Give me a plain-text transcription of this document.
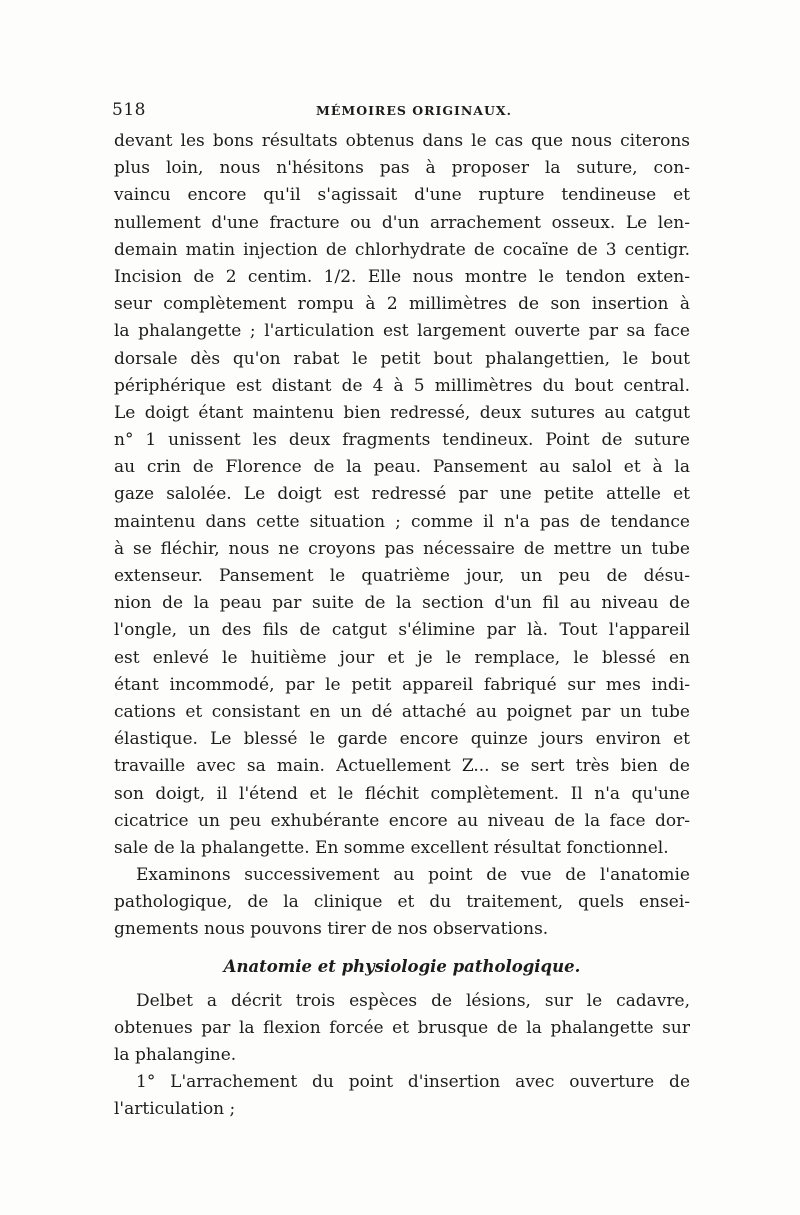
518	MÉMOIRES ORIGINAUX.
devant les bons résultats obtenus dans le cas que nous citerons
plus loin, nous n'hésitons pas à proposer la suture, con-
vaincu encore qu'il s'agissait d'une rupture tendineuse et
nullement d'une fracture ou d'un arrachement osseux. Le len-
demain matin injection de chlorhydrate de cocaïne de 3 centigr.
Incision de 2 centim. 1/2. Elle nous montre le tendon exten-
seur complètement rompu à 2 millimètres de son insertion à
la phalangette ; l'articulation est largement ouverte par sa face
dorsale dès qu'on rabat le petit bout phalangettien, le bout
périphérique est distant de 4 à 5 millimètres du bout central.
Le doigt étant maintenu bien redressé, deux sutures au catgut
n° 1 unissent les deux fragments tendineux. Point de suture
au crin de Florence de la peau. Pansement au salol et à la
gaze salolée. Le doigt est redressé par une petite attelle et
maintenu dans cette situation ; comme il n'a pas de tendance
à se fléchir, nous ne croyons pas nécessaire de mettre un tube
extenseur. Pansement le quatrième jour, un peu de désu-
nion de la peau par suite de la section d'un fil au niveau de
l'ongle, un des fils de catgut s'élimine par là. Tout l'appareil
est enlevé le huitième jour et je le remplace, le blessé en
étant incommodé, par le petit appareil fabriqué sur mes indi-
cations et consistant en un dé attaché au poignet par un tube
élastique. Le blessé le garde encore quinze jours environ et
travaille avec sa main. Actuellement Z... se sert très bien de
son doigt, il l'étend et le fléchit complètement. Il n'a qu'une
cicatrice un peu exhubérante encore au niveau de la face dor-
sale de la phalangette. En somme excellent résultat fonctionnel.
Examinons successivement au point de vue de l'anatomie
pathologique, de la clinique et du traitement, quels ensei-
gnements nous pouvons tirer de nos observations.
Anatomie et physiologie pathologique.
Delbet a décrit trois espèces de lésions, sur le cadavre,
obtenues par la flexion forcée et brusque de la phalangette sur
la phalangine.
1° L'arrachement du point d'insertion avec ouverture de
l'articulation ;
